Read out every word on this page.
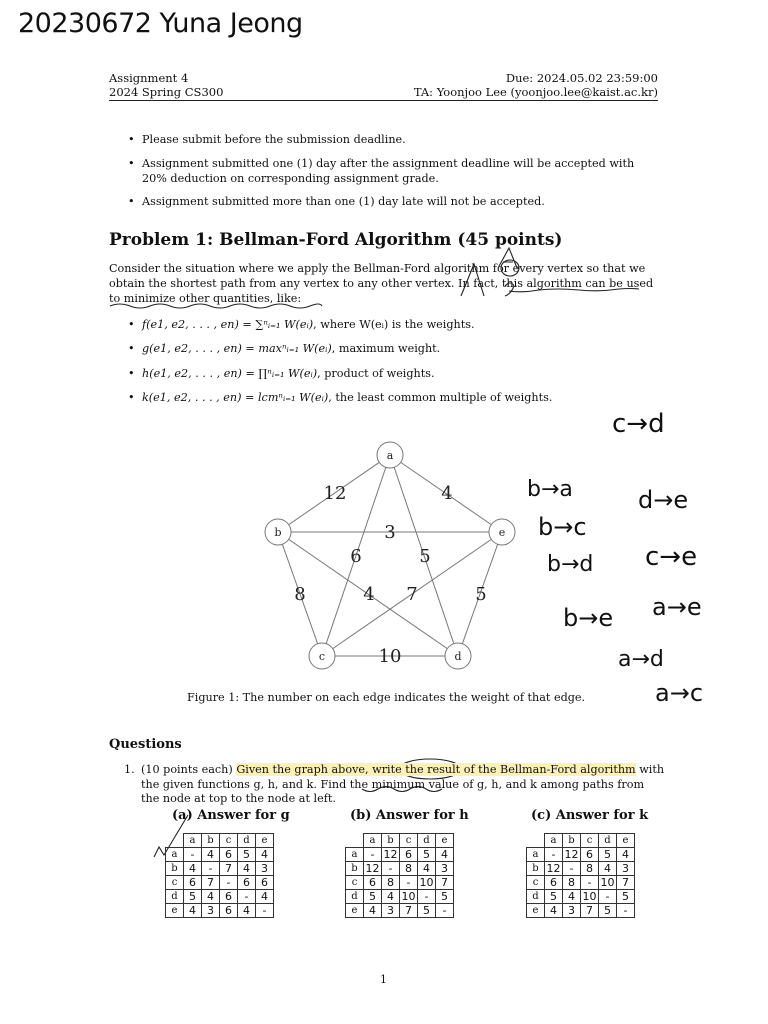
20230672 Yuna Jeong
Assignment 4
2024 Spring CS300
Due: 2024.05.02 23:59:00
TA: Yoonjoo Lee (yoonjoo.lee@kaist.ac.kr)
• Please submit before the submission deadline.
• Assignment submitted one (1) day after the assignment deadline will be accepted with 20% deduction on corresponding assignment grade.
• Assignment submitted more than one (1) day late will not be accepted.
Problem 1: Bellman-Ford Algorithm (45 points)
Consider the situation where we apply the Bellman-Ford algorithm for every vertex so that we
obtain the shortest path from any vertex to any other vertex. In fact, this algorithm can be used
to minimize other quantities, like:
• f(e1, e2, . . . , en) = ∑ⁿᵢ₌₁ W(eᵢ), where W(eᵢ) is the weights.
• g(e1, e2, . . . , en) = maxⁿᵢ₌₁ W(eᵢ), maximum weight.
• h(e1, e2, . . . , en) = ∏ⁿᵢ₌₁ W(eᵢ), product of weights.
• k(e1, e2, . . . , en) = lcmⁿᵢ₌₁ W(eᵢ), the least common multiple of weights.
a
b
c	d
e
12	4
3
6	5
8	4 7	5
10
c→d
b→a	d→e
b→c
b→d c→e
b→e a→e
a→d
a→c
Figure 1: The number on each edge indicates the weight of that edge.
Questions
1. (10 points each) Given the graph above, write the result of the Bellman-Ford algorithm with
the given functions g, h, and k. Find the minimum value of g, h, and k among paths from
the node at top to the node at left.
(a) Answer for g	(b) Answer for h	(c) Answer for k
	a	b	c	d	e
a	-	4	6	5	4
b	4	-	7	4	3
c	6	7	-	6	6
d	5	4	6	-	4
e	4	3	6	4	-
	a	b	c	d	e
a	-	12	6	5	4
b	12	-	8	4	3
c	6	8	-	10	7
d	5	4	10	-	5
e	4	3	7	5	-
	a	b	c	d	e
a	-	12	6	5	4
b	12	-	8	4	3
c	6	8	-	10	7
d	5	4	10	-	5
e	4	3	7	5	-
1
